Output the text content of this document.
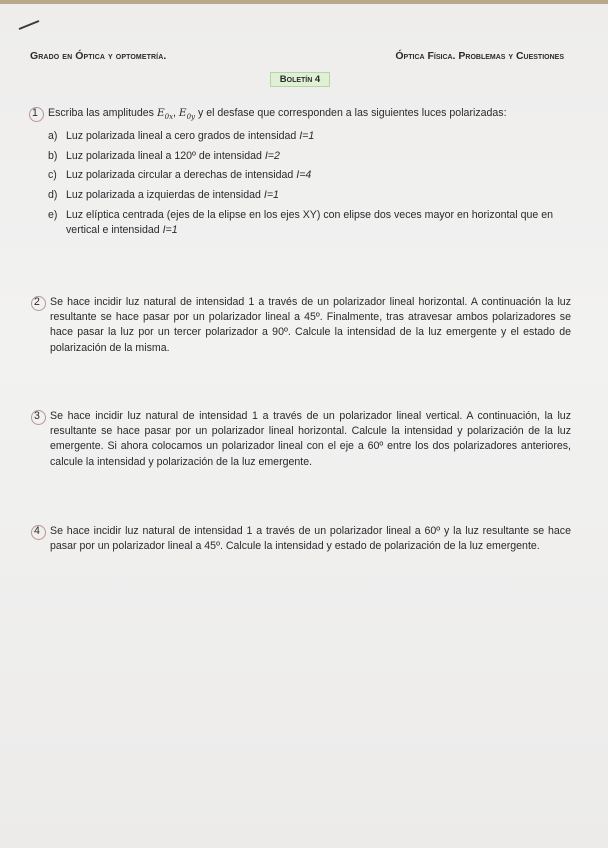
Grado en Óptica y optometría.	Óptica Física. Problemas y Cuestiones
Boletín 4
1 Escriba las amplitudes $E_{0x}$, $E_{0y}$ y el desfase que corresponden a las siguientes luces polarizadas:
a) Luz polarizada lineal a cero grados de intensidad I=1
b) Luz polarizada lineal a 120º de intensidad I=2
c) Luz polarizada circular a derechas de intensidad I=4
d) Luz polarizada a izquierdas de intensidad I=1
e) Luz elíptica centrada (ejes de la elipse en los ejes XY) con elipse dos veces mayor en horizontal que en vertical e intensidad I=1
2 Se hace incidir luz natural de intensidad 1 a través de un polarizador lineal horizontal. A continuación la luz resultante se hace pasar por un polarizador lineal a 45º. Finalmente, tras atravesar ambos polarizadores se hace pasar la luz por un tercer polarizador a 90º. Calcule la intensidad de la luz emergente y el estado de polarización de la misma.
3 Se hace incidir luz natural de intensidad 1 a través de un polarizador lineal vertical. A continuación, la luz resultante se hace pasar por un polarizador lineal horizontal. Calcule la intensidad y polarización de la luz emergente. Si ahora colocamos un polarizador lineal con el eje a 60º entre los dos polarizadores anteriores, calcule la intensidad y polarización de la luz emergente.
4 Se hace incidir luz natural de intensidad 1 a través de un polarizador lineal a 60º y la luz resultante se hace pasar por un polarizador lineal a 45º. Calcule la intensidad y estado de polarización de la luz emergente.
